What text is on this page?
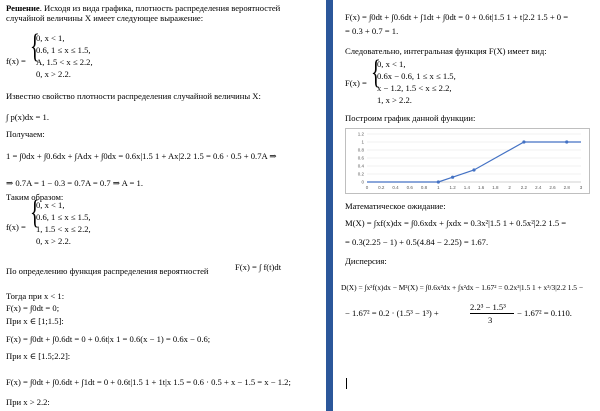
Решение. Исходя из вида графика, плотность распределения вероятностей
случайной величины X имеет следующее выражение:
f(x) = {
0, x < 1,
0.6, 1 ≤ x ≤ 1.5,
A, 1.5 < x ≤ 2.2,
0, x > 2.2.
Известно свойство плотности распределения случайной величины X:
∫ p(x)dx = 1.
Получаем:
1 = ∫0dx + ∫0.6dx + ∫Adx + ∫0dx = 0.6x|1.5 1 + Ax|2.2 1.5 = 0.6 · 0.5 + 0.7A ⇒
⇒ 0.7A = 1 − 0.3 = 0.7A = 0.7 ⇒ A = 1.
Таким образом:
f(x) = {
0, x < 1,
0.6, 1 ≤ x ≤ 1.5,
1, 1.5 < x ≤ 2.2,
0, x > 2.2.
По определению функция распределения вероятностей	F(x) = ∫ f(t)dt
Тогда при x < 1:
F(x) = ∫0dt = 0;
При x ∈ [1;1.5]:
F(x) = ∫0dt + ∫0.6dt = 0 + 0.6t|x 1 = 0.6(x − 1) = 0.6x − 0.6;
При x ∈ [1.5;2.2]:
F(x) = ∫0dt + ∫0.6dt + ∫1dt = 0 + 0.6t|1.5 1 + 1t|x 1.5 = 0.6 · 0.5 + x − 1.5 = x − 1.2;
При x > 2.2:
F(x) = ∫0dt + ∫0.6dt + ∫1dt + ∫0dt = 0 + 0.6t|1.5 1 + t|2.2 1.5 + 0 =
= 0.3 + 0.7 = 1.
Следовательно, интегральная функция F(X) имеет вид:
F(x) = {
0, x < 1,
0.6x − 0.6, 1 ≤ x ≤ 1.5,
x − 1.2, 1.5 < x ≤ 2.2,
1, x > 2.2.
Построим график данной функции:
0
0.2
0.4
0.6
0.8
1
1.2
0 0.2 0.4 0.6 0.8 1 1.2 1.4 1.6 1.8 2 2.2 2.4 2.6 2.8 3
Математическое ожидание:
M(X) = ∫xf(x)dx = ∫0.6xdx + ∫xdx = 0.3x²|1.5 1 + 0.5x²|2.2 1.5 =
= 0.3(2.25 − 1) + 0.5(4.84 − 2.25) = 1.67.
Дисперсия:
D(X) = ∫x²f(x)dx − M²(X) = ∫0.6x²dx + ∫x²dx − 1.67² = 0.2x³|1.5 1 + x³/3|2.2 1.5 −
− 1.67² = 0.2 · (1.5³ − 1³) +
2.2³ − 1.5³
3
− 1.67² = 0.110.
